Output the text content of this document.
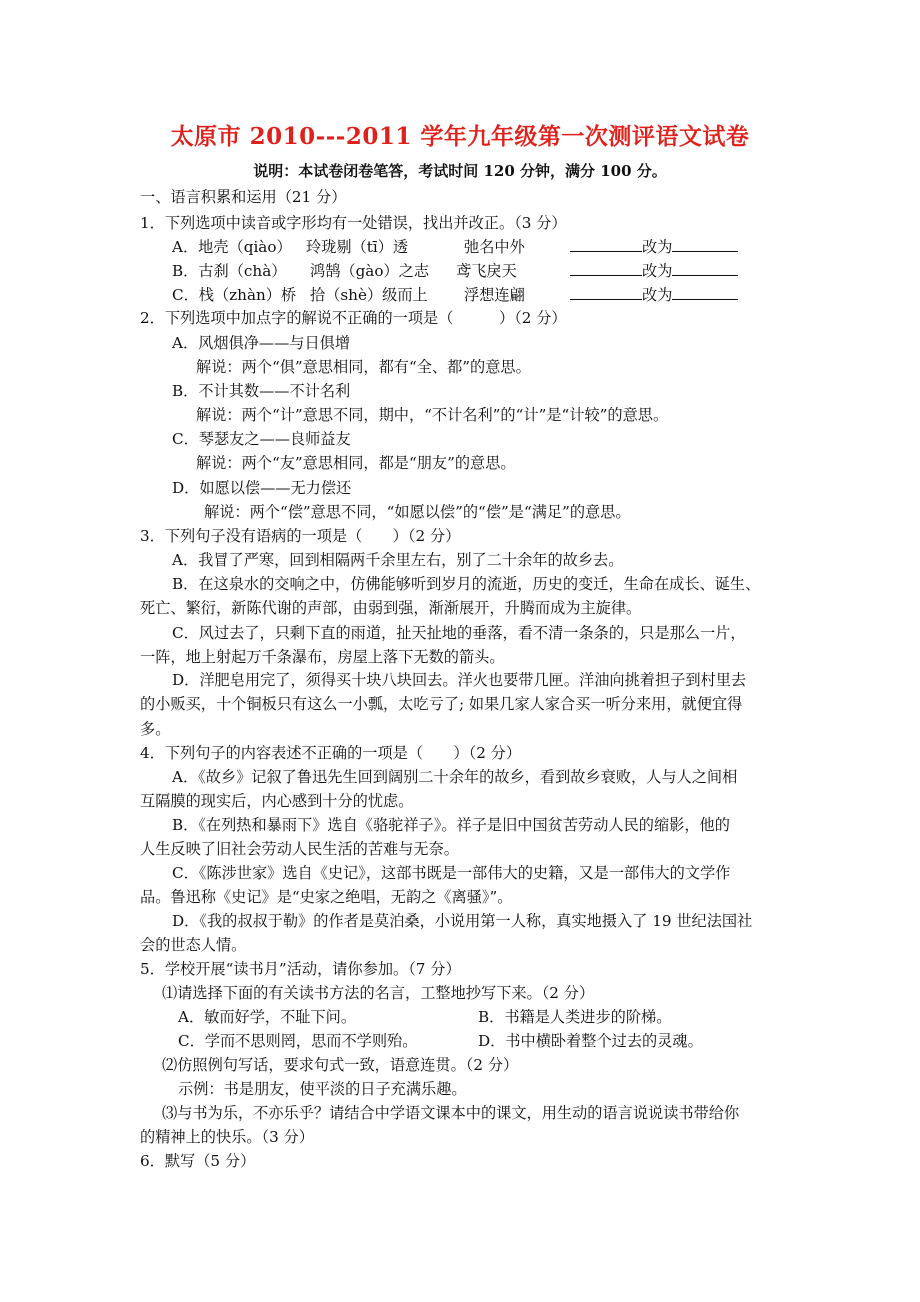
太原市 2010---2011 学年九年级第一次测评语文试卷
说明：本试卷闭卷笔答，考试时间 120 分钟，满分 100 分。
一、语言积累和运用（21 分）
1．下列选项中读音或字形均有一处错误，找出并改正。（3 分）
A．地壳（qiào） 玲珑剔（tī）透	弛名中外	改为
B．古刹（chà） 鸿鹄（gào）之志 鸢飞戾天	改为
C．栈（zhàn）桥 拾（shè）级而上 浮想连翩	改为
2．下列选项中加点字的解说不正确的一项是（　　　）（2 分）
A．风烟俱净——与日俱增
解说：两个“俱”意思相同，都有“全、都”的意思。
B．不计其数——不计名利
解说：两个“计”意思不同，期中，“不计名利”的“计”是“计较”的意思。
C．琴瑟友之——良师益友
解说：两个“友”意思相同，都是“朋友”的意思。
D．如愿以偿——无力偿还
解说：两个“偿”意思不同，“如愿以偿”的“偿”是“满足”的意思。
3．下列句子没有语病的一项是（　　）（2 分）
A．我冒了严寒，回到相隔两千余里左右，别了二十余年的故乡去。
B．在这泉水的交响之中，仿佛能够听到岁月的流逝，历史的变迁，生命在成长、诞生、
死亡、繁衍，新陈代谢的声部，由弱到强，渐渐展开，升腾而成为主旋律。
C．风过去了，只剩下直的雨道，扯天扯地的垂落，看不清一条条的，只是那么一片，
一阵，地上射起万千条瀑布，房屋上落下无数的箭头。
D．洋肥皂用完了，须得买十块八块回去。洋火也要带几匣。洋油向挑着担子到村里去
的小贩买，十个铜板只有这么一小瓢，太吃亏了; 如果几家人家合买一听分来用，就便宜得
多。
4．下列句子的内容表述不正确的一项是（　　）（2 分）
A．《故乡》记叙了鲁迅先生回到阔别二十余年的故乡，看到故乡衰败，人与人之间相
互隔膜的现实后，内心感到十分的忧虑。
B．《在列热和暴雨下》选自《骆驼祥子》。祥子是旧中国贫苦劳动人民的缩影，他的
人生反映了旧社会劳动人民生活的苦难与无奈。
C．《陈涉世家》选自《史记》，这部书既是一部伟大的史籍，又是一部伟大的文学作
品。鲁迅称《史记》是“史家之绝唱，无韵之《离骚》”。
D．《我的叔叔于勒》的作者是莫泊桑，小说用第一人称，真实地摄入了 19 世纪法国社
会的世态人情。
5．学校开展“读书月”活动，请你参加。（7 分）
⑴请选择下面的有关读书方法的名言，工整地抄写下来。（2 分）
A．敏而好学，不耻下问。	B．书籍是人类进步的阶梯。
C．学而不思则罔，思而不学则殆。	D．书中横卧着整个过去的灵魂。
⑵仿照例句写话，要求句式一致，语意连贯。（2 分）
示例：书是朋友，使平淡的日子充满乐趣。
⑶与书为乐，不亦乐乎？请结合中学语文课本中的课文，用生动的语言说说读书带给你
的精神上的快乐。（3 分）
6．默写（5 分）
